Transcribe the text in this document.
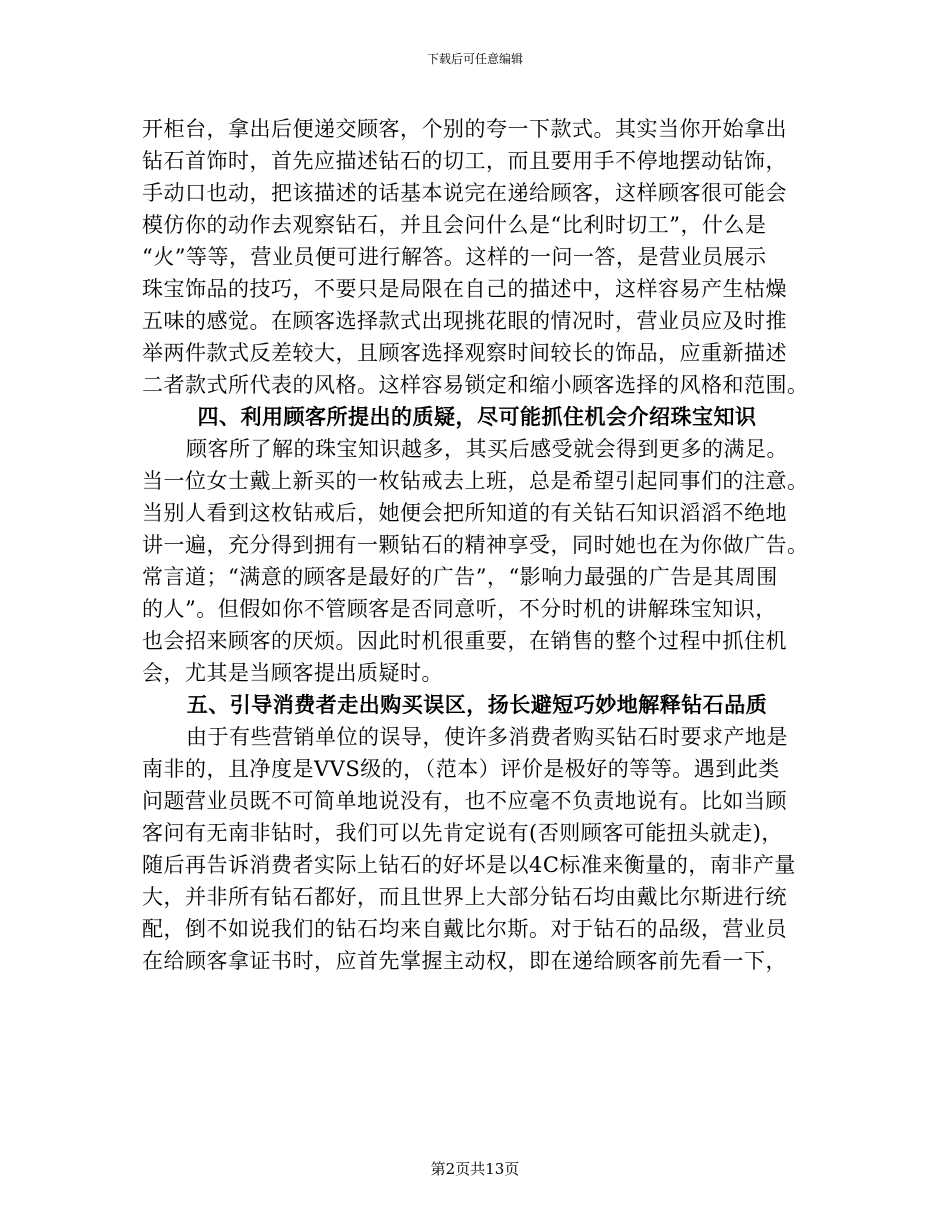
下载后可任意编辑
开柜台，拿出后便递交顾客，个别的夸一下款式。其实当你开始拿出
钻石首饰时，首先应描述钻石的切工，而且要用手不停地摆动钻饰，
手动口也动，把该描述的话基本说完在递给顾客，这样顾客很可能会
模仿你的动作去观察钻石，并且会问什么是“比利时切工”，什么是
“火”等等，营业员便可进行解答。这样的一问一答，是营业员展示
珠宝饰品的技巧，不要只是局限在自己的描述中，这样容易产生枯燥
五味的感觉。在顾客选择款式出现挑花眼的情况时，营业员应及时推
举两件款式反差较大，且顾客选择观察时间较长的饰品，应重新描述
二者款式所代表的风格。这样容易锁定和缩小顾客选择的风格和范围。
四、利用顾客所提出的质疑，尽可能抓住机会介绍珠宝知识
顾客所了解的珠宝知识越多，其买后感受就会得到更多的满足。
当一位女士戴上新买的一枚钻戒去上班，总是希望引起同事们的注意。
当别人看到这枚钻戒后，她便会把所知道的有关钻石知识滔滔不绝地
讲一遍，充分得到拥有一颗钻石的精神享受，同时她也在为你做广告。
常言道；“满意的顾客是最好的广告”，“影响力最强的广告是其周围
的人”。但假如你不管顾客是否同意听，不分时机的讲解珠宝知识，
也会招来顾客的厌烦。因此时机很重要，在销售的整个过程中抓住机
会，尤其是当顾客提出质疑时。
五、引导消费者走出购买误区，扬长避短巧妙地解释钻石品质
由于有些营销单位的误导，使许多消费者购买钻石时要求产地是
南非的，且净度是VVS级的，（范本）评价是极好的等等。遇到此类
问题营业员既不可简单地说没有，也不应毫不负责地说有。比如当顾
客问有无南非钻时，我们可以先肯定说有(否则顾客可能扭头就走)，
随后再告诉消费者实际上钻石的好坏是以4C标准来衡量的，南非产量
大，并非所有钻石都好，而且世界上大部分钻石均由戴比尔斯进行统
配，倒不如说我们的钻石均来自戴比尔斯。对于钻石的品级，营业员
在给顾客拿证书时，应首先掌握主动权，即在递给顾客前先看一下，
第2页共13页
